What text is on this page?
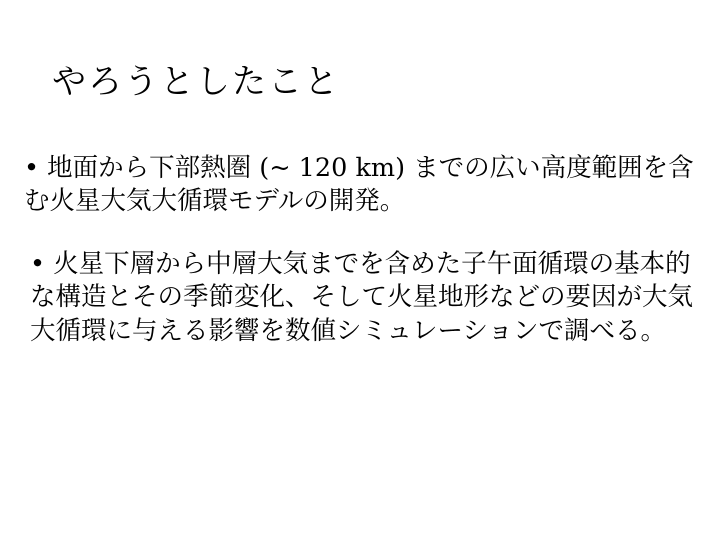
やろうとしたこと

• 地面から下部熱圏 (~ 120 km) までの広い高度範囲を含む火星大気大循環モデルの開発。

• 火星下層から中層大気までを含めた子午面循環の基本的な構造とその季節変化、そして火星地形などの要因が大気大循環に与える影響を数値シミュレーションで調べる。
